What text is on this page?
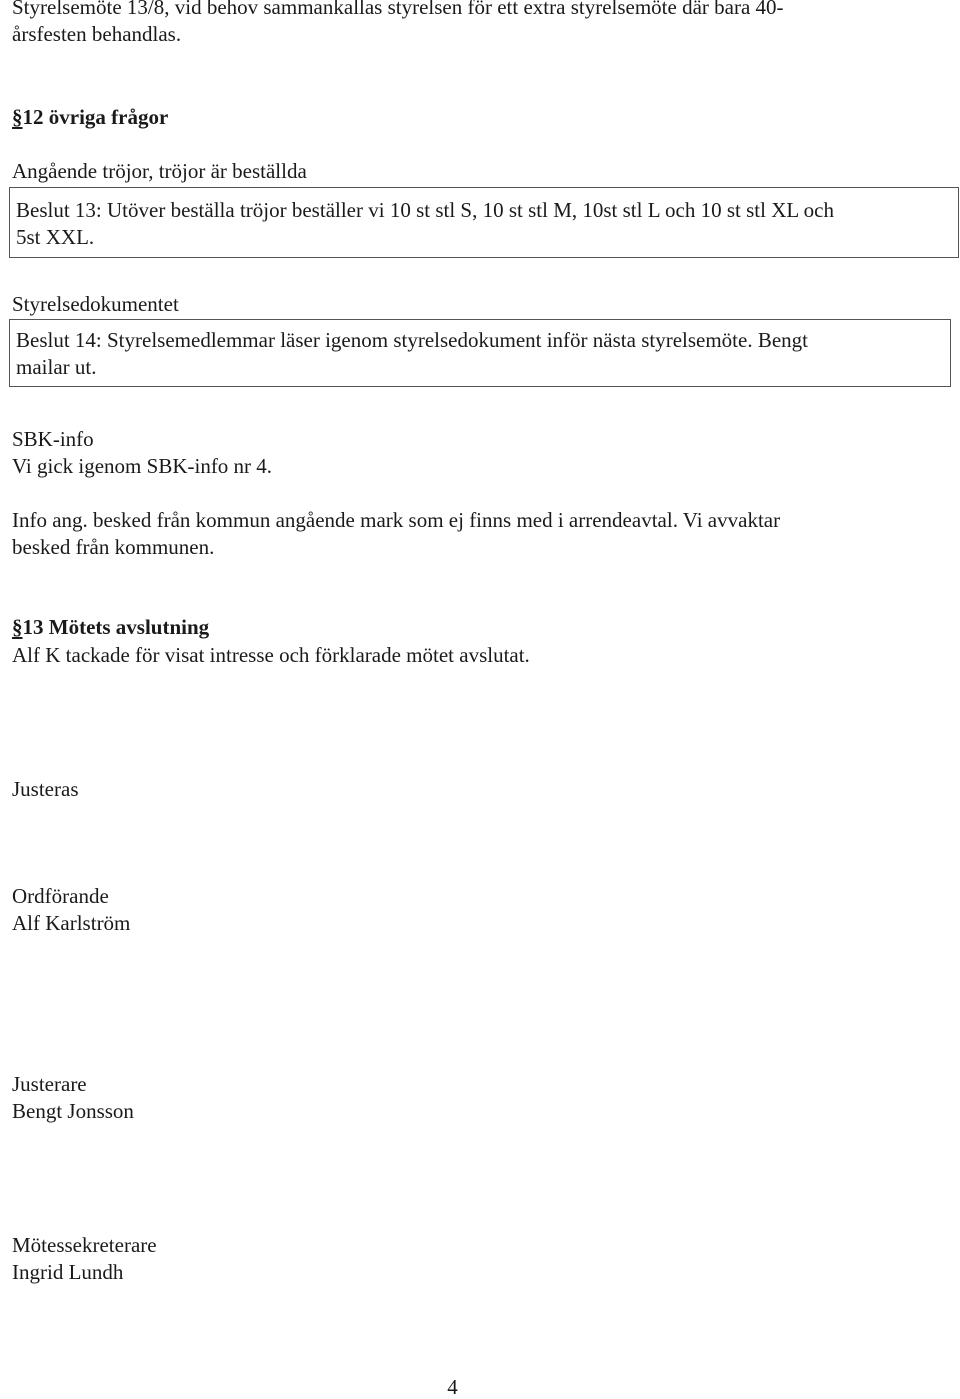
Styrelsemöte 13/8, vid behov sammankallas styrelsen för ett extra styrelsemöte där bara 40-

årsfesten behandlas.

§12 övriga frågor

Angående tröjor, tröjor är beställda

Beslut 13: Utöver beställa tröjor beställer vi 10 st stl S, 10 st stl M, 10st stl L och 10 st stl XL och

5st XXL.

Styrelsedokumentet

Beslut 14: Styrelsemedlemmar läser igenom styrelsedokument inför nästa styrelsemöte. Bengt

mailar ut.

SBK-info

Vi gick igenom SBK-info nr 4.

Info ang. besked från kommun angående mark som ej finns med i arrendeavtal. Vi avvaktar

besked från kommunen.

§13 Mötets avslutning

Alf K tackade för visat intresse och förklarade mötet avslutat.

Justeras

Ordförande

Alf Karlström

Justerare

Bengt Jonsson

Mötessekreterare

Ingrid Lundh

4
